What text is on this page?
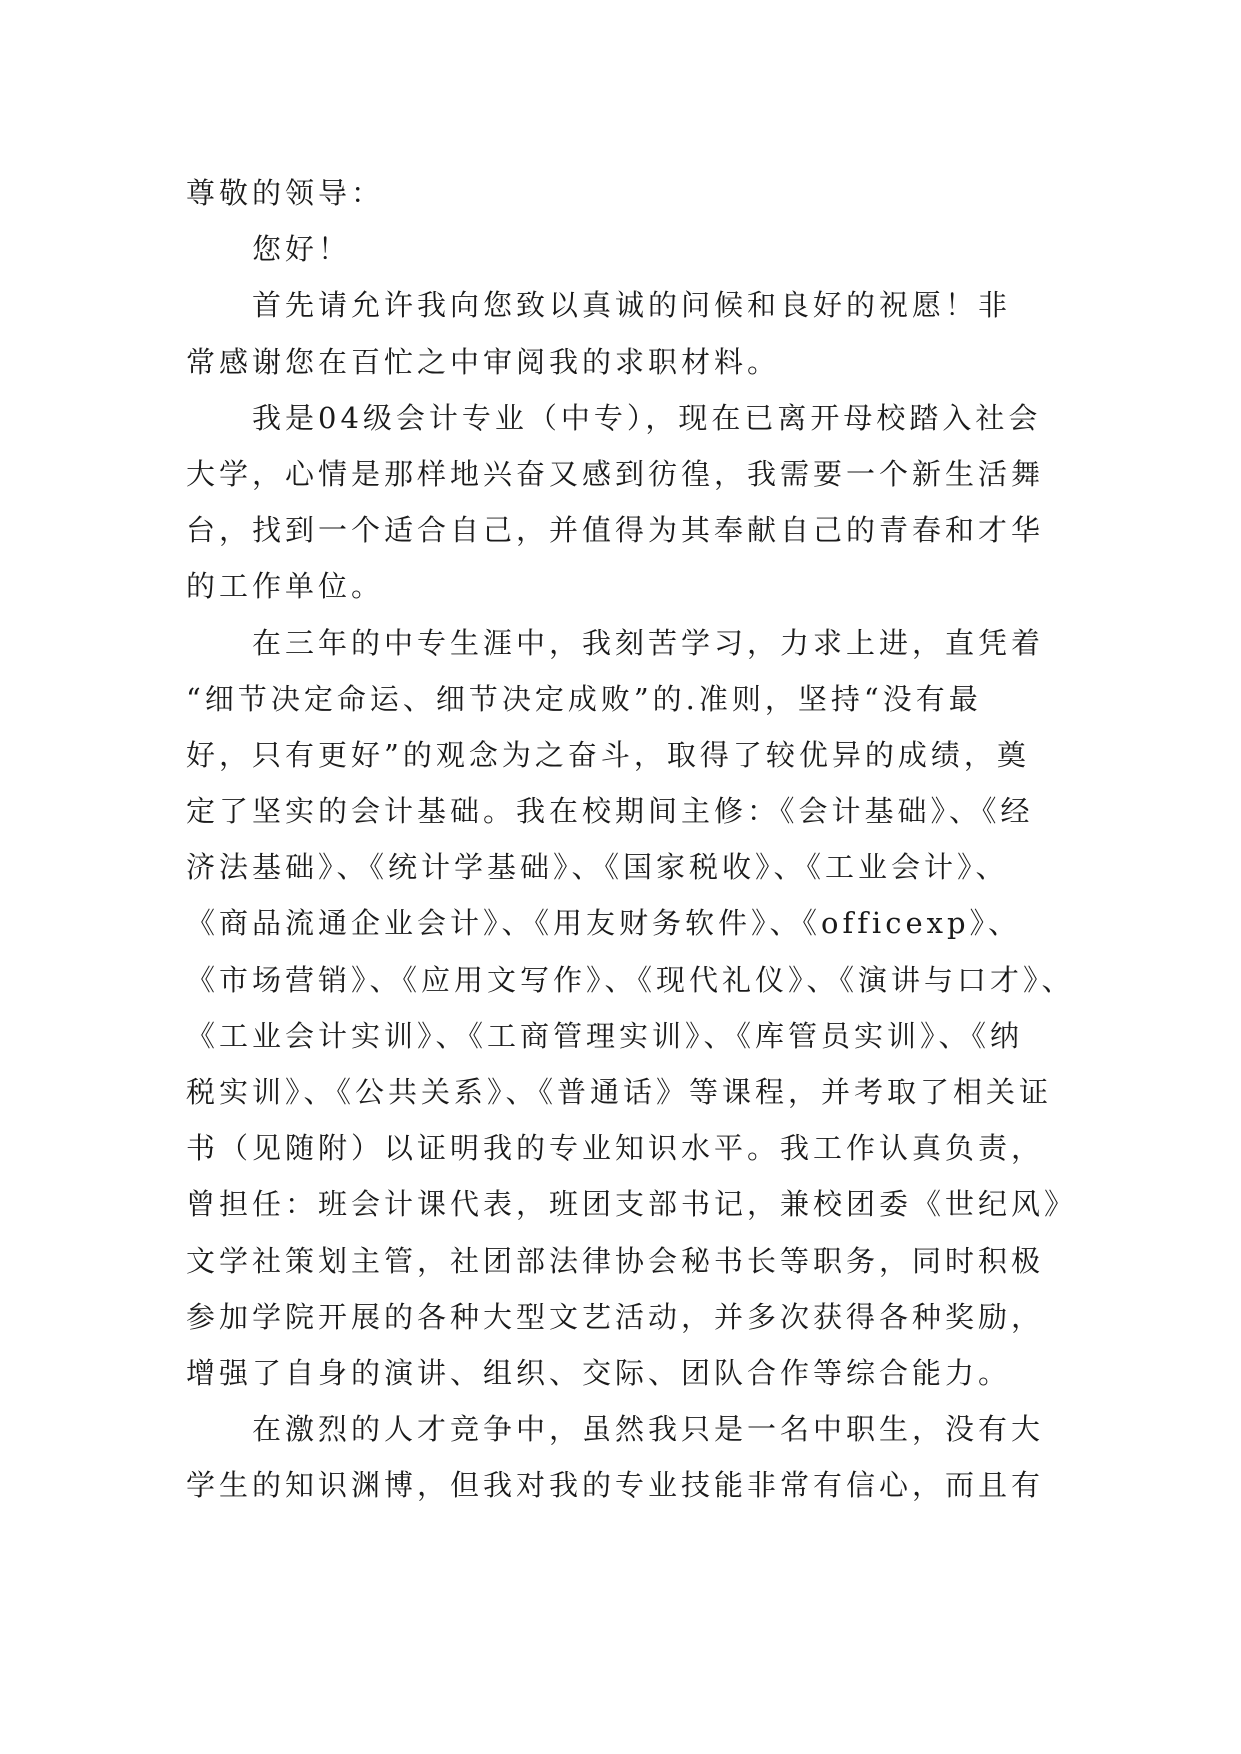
尊敬的领导：
您好！
首先请允许我向您致以真诚的问候和良好的祝愿！非
常感谢您在百忙之中审阅我的求职材料。
我是04级会计专业（中专），现在已离开母校踏入社会
大学，心情是那样地兴奋又感到彷徨，我需要一个新生活舞
台，找到一个适合自己，并值得为其奉献自己的青春和才华
的工作单位。
在三年的中专生涯中，我刻苦学习，力求上进，直凭着
“细节决定命运、细节决定成败”的.准则，坚持“没有最
好，只有更好”的观念为之奋斗，取得了较优异的成绩，奠
定了坚实的会计基础。我在校期间主修：《会计基础》、《经
济法基础》、《统计学基础》、《国家税收》、《工业会计》、
《商品流通企业会计》、《用友财务软件》、《officexp》、
《市场营销》、《应用文写作》、《现代礼仪》、《演讲与口才》、
《工业会计实训》、《工商管理实训》、《库管员实训》、《纳
税实训》、《公共关系》、《普通话》等课程，并考取了相关证
书（见随附）以证明我的专业知识水平。我工作认真负责，
曾担任：班会计课代表，班团支部书记，兼校团委《世纪风》
文学社策划主管，社团部法律协会秘书长等职务，同时积极
参加学院开展的各种大型文艺活动，并多次获得各种奖励，
增强了自身的演讲、组织、交际、团队合作等综合能力。
在激烈的人才竞争中，虽然我只是一名中职生，没有大
学生的知识渊博，但我对我的专业技能非常有信心，而且有
